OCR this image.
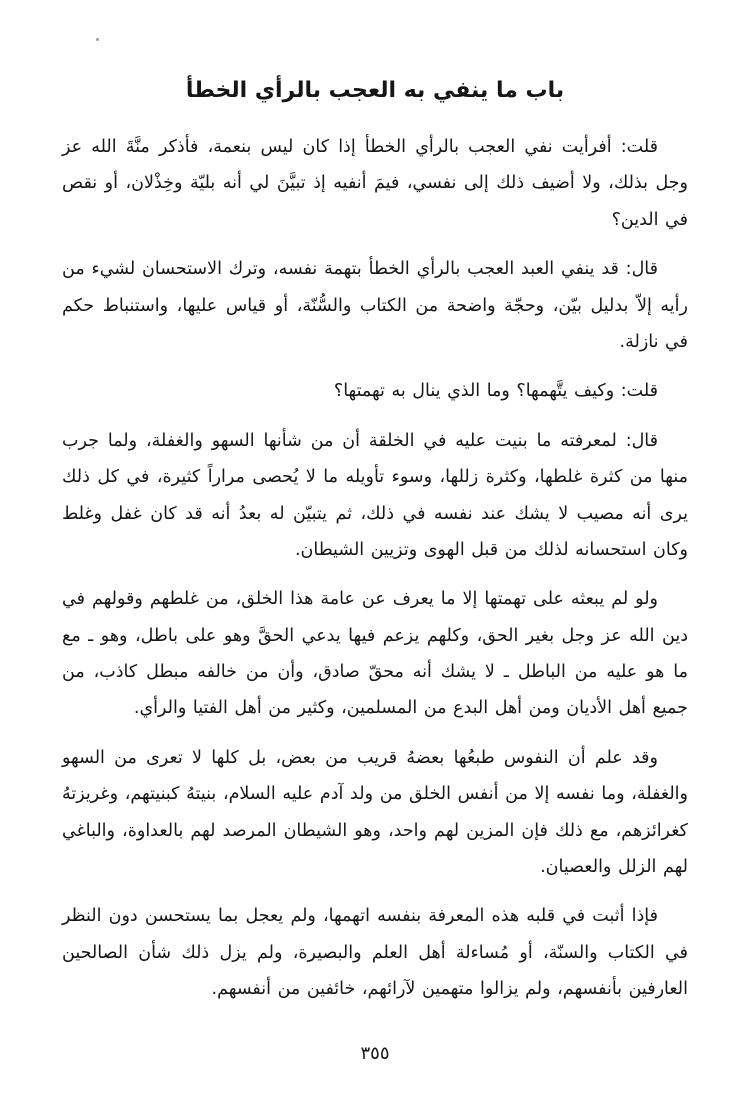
باب ما ينفي به العجب بالرأي الخطأ

قلت: أفرأيت نفي العجب بالرأي الخطأ إذا كان ليس بنعمة، فأذكر منَّةَ الله عز وجل بذلك، ولا أضيف ذلك إلى نفسي، فيمَ أنفيه إذ تبيَّنَ لي أنه بليّة وخِذْلان، أو نقص في الدين؟

قال: قد ينفي العبد العجب بالرأي الخطأ بتهمة نفسه، وترك الاستحسان لشيء من رأيه إلاّ بدليل بيّن، وحجّة واضحة من الكتاب والسُّنّة، أو قياس عليها، واستنباط حكم في نازلة.

قلت: وكيف يتَّهمها؟ وما الذي ينال به تهمتها؟

قال: لمعرفته ما بنيت عليه في الخلقة أن من شأنها السهو والغفلة، ولما جرب منها من كثرة غلطها، وكثرة زللها، وسوء تأويله ما لا يُحصى مراراً كثيرة، في كل ذلك يرى أنه مصيب لا يشك عند نفسه في ذلك، ثم يتبيّن له بعدُ أنه قد كان غفل وغلط وكان استحسانه لذلك من قبل الهوى وتزيين الشيطان.

ولو لم يبعثه على تهمتها إلا ما يعرف عن عامة هذا الخلق، من غلطهم وقولهم في دين الله عز وجل بغير الحق، وكلهم يزعم فيها يدعي الحقَّ وهو على باطل، وهو ـ مع ما هو عليه من الباطل ـ لا يشك أنه محقّ صادق، وأن من خالفه مبطل كاذب، من جميع أهل الأديان ومن أهل البدع من المسلمين، وكثير من أهل الفتيا والرأي.

وقد علم أن النفوس طبعُها بعضهُ قريب من بعض، بل كلها لا تعرى من السهو والغفلة، وما نفسه إلا من أنفس الخلق من ولد آدم عليه السلام، بنيتهُ كبنيتهم، وغريزتهُ كغرائزهم، مع ذلك فإن المزين لهم واحد، وهو الشيطان المرصد لهم بالعداوة، والباغي لهم الزلل والعصيان.

فإذا أثبت في قلبه هذه المعرفة بنفسه اتهمها، ولم يعجل بما يستحسن دون النظر في الكتاب والسنّة، أو مُساءلة أهل العلم والبصيرة، ولم يزل ذلك شأن الصالحين العارفين بأنفسهم، ولم يزالوا متهمين لآرائهم، خائفين من أنفسهم.

٣٥٥
